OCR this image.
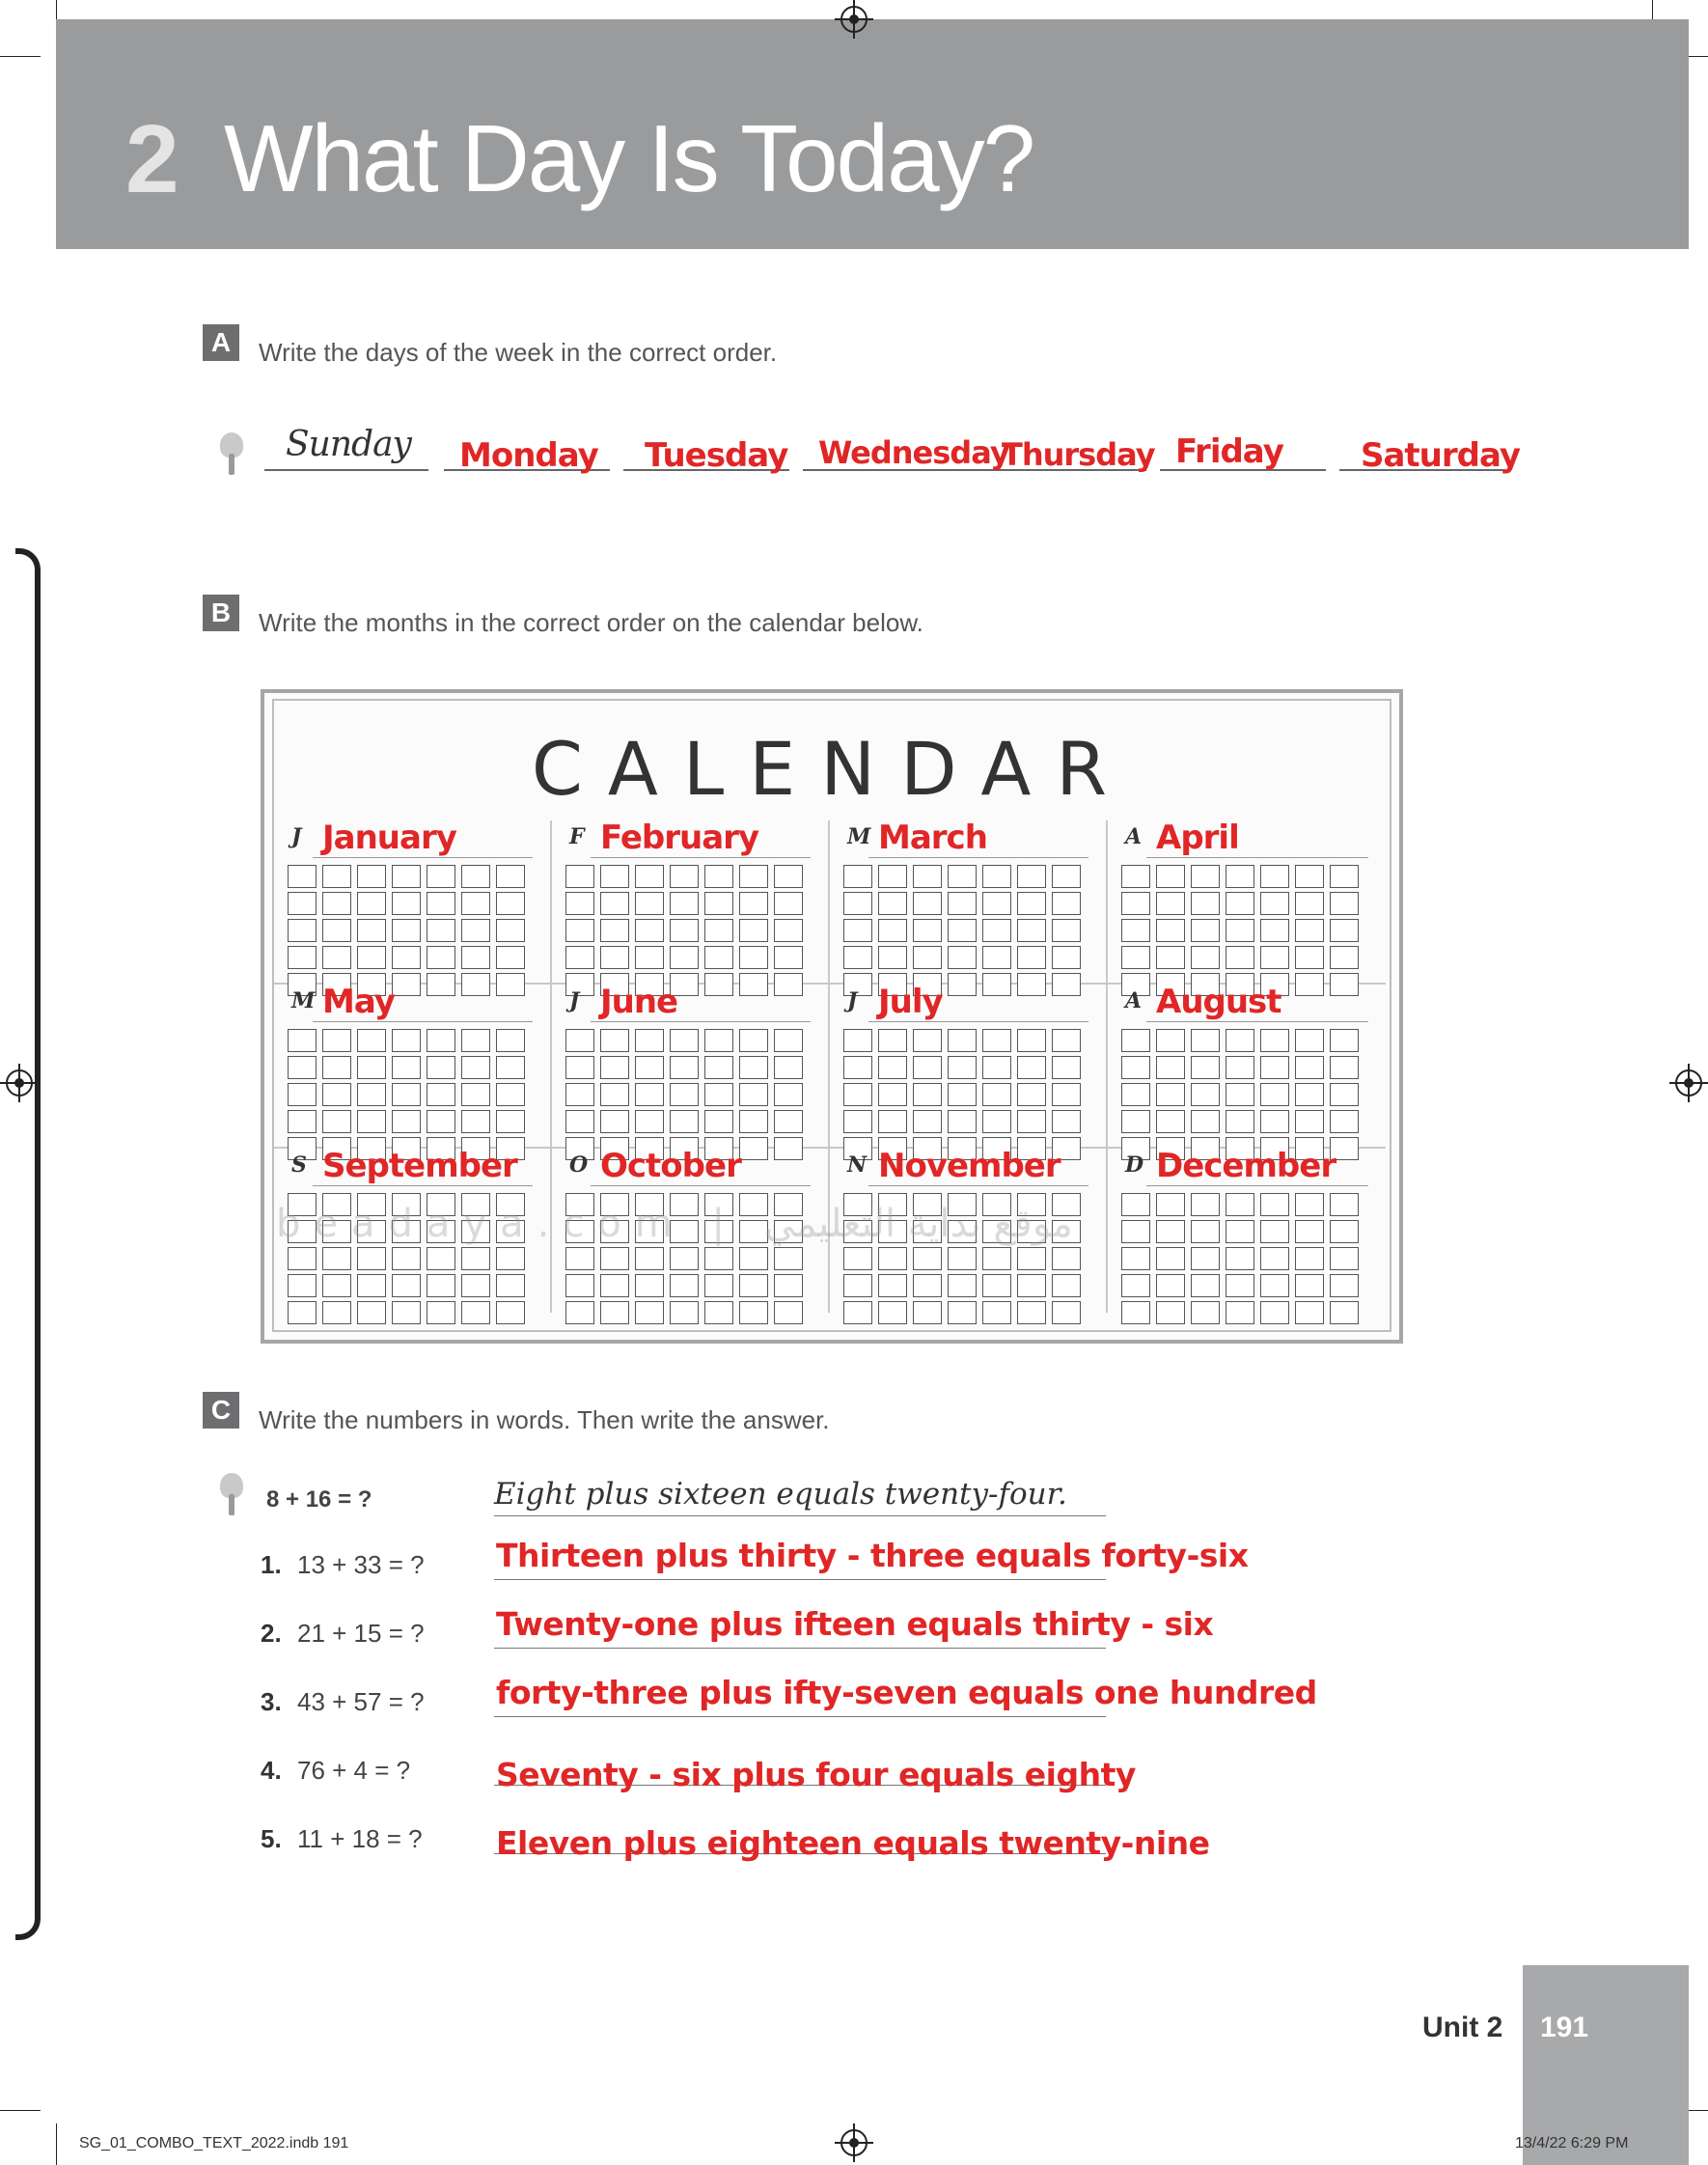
2 What Day Is Today?
A	Write the days of the week in the correct order.
Sunday Monday Tuesday Wednesday
Thursday Friday Saturday
B	Write the months in the correct order on the calendar below.
CALENDAR
J January	F February	M March	A April
M May	J June	J July	A August
S September O October	N November	D December
beadaya.com | موقع بداية التعليمي
C	Write the numbers in words. Then write the answer.
8 + 16 = ?	Eight plus sixteen equals twenty-four.
1. 13 + 33 = ? Thirteen plus thirty - three equals forty-six
2. 21 + 15 = ? Twenty-one plus ifteen equals thirty - six
3. 43 + 57 = ? forty-three plus ifty-seven equals one hundred
4. 76 + 4 = ?	Seventy - six plus four equals eighty
5. 11 + 18 = ? Eleven plus eighteen equals twenty-nine
Unit 2 191
SG_01_COMBO_TEXT_2022.indb 191	13/4/22 6:29 PM
